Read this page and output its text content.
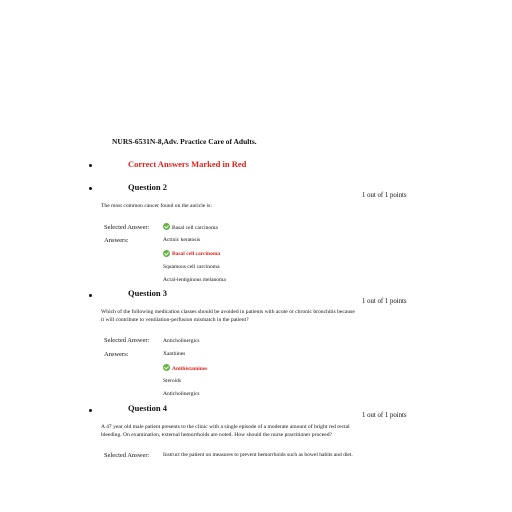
NURS-6531N-8,Adv. Practice Care of Adults.
Correct Answers Marked in Red
Question 2
1 out of 1 points
The most common cancer found on the auricle is:
Selected Answer:	Basal cell carcinoma
Answers:	Actinic keratosis
Basal cell carcinoma
Squamous cell carcinoma
Acral-lentiginous melanoma
Question 3
1 out of 1 points
Which of the following medication classes should be avoided in patients with acute or chronic bronchitis because
it will contribute to ventilation-perfusion mismatch in the patient?
Selected Answer: Anticholinergics
Answers:	Xanthines
Antihistamines
Steroids
Anticholinergics
Question 4
1 out of 1 points
A 47 year old male patient presents to the clinic with a single episode of a moderate amount of bright red rectal
bleeding. On examination, external hemorrhoids are noted. How should the nurse practitioner proceed?
Selected Answer: Instruct the patient on measures to prevent hemorrhoids such as bowel habits and diet.
